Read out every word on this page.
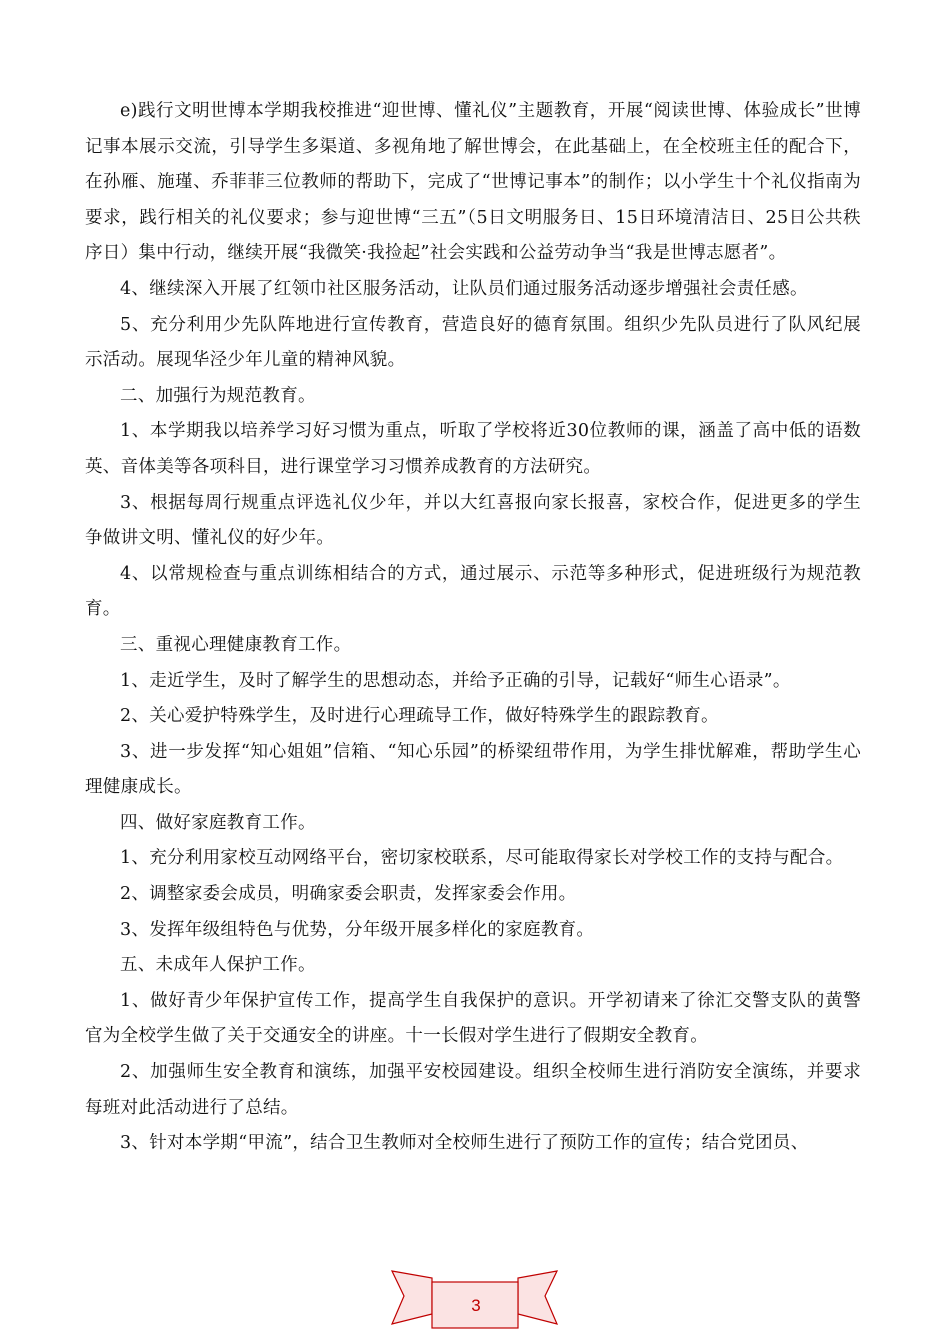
e)践行文明世博本学期我校推进“迎世博、懂礼仪”主题教育，开展“阅读世博、体验成长”世博记事本展示交流，引导学生多渠道、多视角地了解世博会，在此基础上，在全校班主任的配合下，在孙雁、施瑾、乔菲菲三位教师的帮助下，完成了“世博记事本”的制作；以小学生十个礼仪指南为要求，践行相关的礼仪要求；参与迎世博“三五”（5日文明服务日、15日环境清洁日、25日公共秩序日）集中行动，继续开展“我微笑·我捡起”社会实践和公益劳动争当“我是世博志愿者”。

4、继续深入开展了红领巾社区服务活动，让队员们通过服务活动逐步增强社会责任感。

5、充分利用少先队阵地进行宣传教育，营造良好的德育氛围。组织少先队员进行了队风纪展示活动。展现华泾少年儿童的精神风貌。

二、加强行为规范教育。

1、本学期我以培养学习好习惯为重点，听取了学校将近30位教师的课，涵盖了高中低的语数英、音体美等各项科目，进行课堂学习习惯养成教育的方法研究。

3、根据每周行规重点评选礼仪少年，并以大红喜报向家长报喜，家校合作，促进更多的学生争做讲文明、懂礼仪的好少年。

4、以常规检查与重点训练相结合的方式，通过展示、示范等多种形式，促进班级行为规范教育。

三、重视心理健康教育工作。

1、走近学生，及时了解学生的思想动态，并给予正确的引导，记载好“师生心语录”。

2、关心爱护特殊学生，及时进行心理疏导工作，做好特殊学生的跟踪教育。

3、进一步发挥“知心姐姐”信箱、“知心乐园”的桥梁纽带作用，为学生排忧解难，帮助学生心理健康成长。

四、做好家庭教育工作。

1、充分利用家校互动网络平台，密切家校联系，尽可能取得家长对学校工作的支持与配合。

2、调整家委会成员，明确家委会职责，发挥家委会作用。

3、发挥年级组特色与优势，分年级开展多样化的家庭教育。

五、未成年人保护工作。

1、做好青少年保护宣传工作，提高学生自我保护的意识。开学初请来了徐汇交警支队的黄警官为全校学生做了关于交通安全的讲座。十一长假对学生进行了假期安全教育。

2、加强师生安全教育和演练，加强平安校园建设。组织全校师生进行消防安全演练，并要求每班对此活动进行了总结。

3、针对本学期“甲流”，结合卫生教师对全校师生进行了预防工作的宣传；结合党团员、

3
